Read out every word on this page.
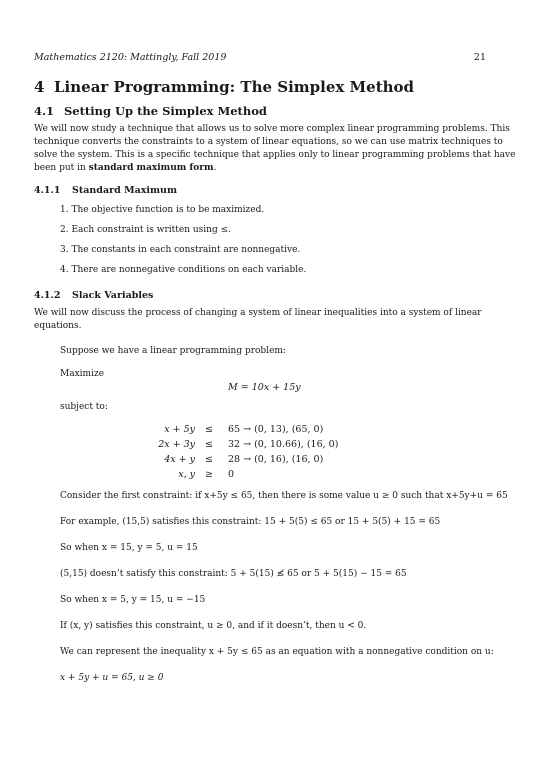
Mathematics 2120: Mattingly, Fall 2019	21
4 Linear Programming: The Simplex Method
4.1 Setting Up the Simplex Method
We will now study a technique that allows us to solve more complex linear programming problems. This technique converts the constraints to a system of linear equations, so we can use matrix techniques to solve the system. This is a specific technique that applies only to linear programming problems that have been put in standard maximum form.
4.1.1 Standard Maximum
1. The objective function is to be maximized.
2. Each constraint is written using ≤.
3. The constants in each constraint are nonnegative.
4. There are nonnegative conditions on each variable.
4.1.2 Slack Variables
We will now discuss the process of changing a system of linear inequalities into a system of linear equations.
Suppose we have a linear programming problem:
Maximize
M = 10x + 15y
subject to:
x + 5y ≤ 65 → (0, 13), (65, 0)
2x + 3y ≤ 32 → (0, 10.66), (16, 0)
4x + y ≤ 28 → (0, 16), (16, 0)
x, y ≥ 0
Consider the first constraint: if x+5y ≤ 65, then there is some value u ≥ 0 such that x+5y+u = 65
For example, (15,5) satisfies this constraint: 15 + 5(5) ≤ 65 or 15 + 5(5) + 15 = 65
So when x = 15, y = 5, u = 15
(5,15) doesn’t satisfy this constraint: 5 + 5(15) ≰ 65 or 5 + 5(15) − 15 = 65
So when x = 5, y = 15, u = −15
If (x, y) satisfies this constraint, u ≥ 0, and if it doesn’t, then u < 0.
We can represent the inequality x + 5y ≤ 65 as an equation with a nonnegative condition on u:
x + 5y + u = 65, u ≥ 0
